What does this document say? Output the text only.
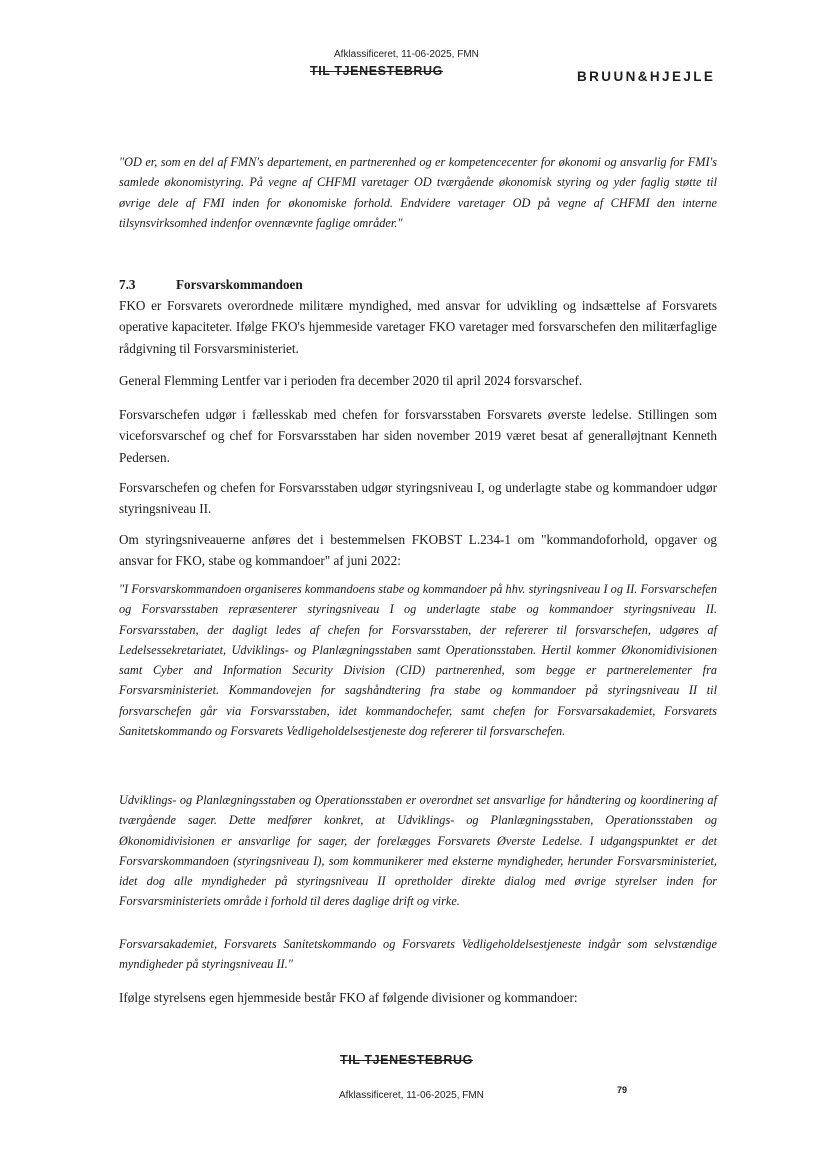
Afklassificeret, 11-06-2025, FMN
TIL TJENESTEBRUG	BRUUN&HJEJLE

"OD er, som en del af FMN's departement, en partnerenhed og er kompetencecenter for økonomi og ansvarlig for FMI's samlede økonomistyring. På vegne af CHFMI varetager OD tværgående økonomisk styring og yder faglig støtte til øvrige dele af FMI inden for økonomiske forhold. Endvidere varetager OD på vegne af CHFMI den interne tilsynsvirksomhed indenfor ovennævnte faglige områder."

7.3	Forsvarskommandoen

FKO er Forsvarets overordnede militære myndighed, med ansvar for udvikling og indsættelse af Forsvarets operative kapaciteter. Ifølge FKO's hjemmeside varetager FKO varetager med forsvarschefen den militærfaglige rådgivning til Forsvarsministeriet.

General Flemming Lentfer var i perioden fra december 2020 til april 2024 forsvarschef.

Forsvarschefen udgør i fællesskab med chefen for forsvarsstaben Forsvarets øverste ledelse. Stillingen som viceforsvarschef og chef for Forsvarsstaben har siden november 2019 været besat af generalløjtnant Kenneth Pedersen.

Forsvarschefen og chefen for Forsvarsstaben udgør styringsniveau I, og underlagte stabe og kommandoer udgør styringsniveau II.

Om styringsniveauerne anføres det i bestemmelsen FKOBST L.234-1 om "kommandoforhold, opgaver og ansvar for FKO, stabe og kommandoer" af juni 2022:

"I Forsvarskommandoen organiseres kommandoens stabe og kommandoer på hhv. styringsniveau I og II. Forsvarschefen og Forsvarsstaben repræsenterer styringsniveau I og underlagte stabe og kommandoer styringsniveau II. Forsvarsstaben, der dagligt ledes af chefen for Forsvarsstaben, der refererer til forsvarschefen, udgøres af Ledelsessekretariatet, Udviklings- og Planlægningsstaben samt Operationsstaben. Hertil kommer Økonomidivisionen samt Cyber and Information Security Division (CID) partnerenhed, som begge er partnerelementer fra Forsvarsministeriet. Kommandovejen for sagshåndtering fra stabe og kommandoer på styringsniveau II til forsvarschefen går via Forsvarsstaben, idet kommandochefer, samt chefen for Forsvarsakademiet, Forsvarets Sanitetskommando og Forsvarets Vedligeholdelsestjeneste dog refererer til forsvarschefen.

Udviklings- og Planlægningsstaben og Operationsstaben er overordnet set ansvarlige for håndtering og koordinering af tværgående sager. Dette medfører konkret, at Udviklings- og Planlægningsstaben, Operationsstaben og Økonomidivisionen er ansvarlige for sager, der forelægges Forsvarets Øverste Ledelse. I udgangspunktet er det Forsvarskommandoen (styringsniveau I), som kommunikerer med eksterne myndigheder, herunder Forsvarsministeriet, idet dog alle myndigheder på styringsniveau II opretholder direkte dialog med øvrige styrelser inden for Forsvarsministeriets område i forhold til deres daglige drift og virke.

Forsvarsakademiet, Forsvarets Sanitetskommando og Forsvarets Vedligeholdelsestjeneste indgår som selvstændige myndigheder på styringsniveau II."

Ifølge styrelsens egen hjemmeside består FKO af følgende divisioner og kommandoer:

TIL TJENESTEBRUG
79
Afklassificeret, 11-06-2025, FMN
